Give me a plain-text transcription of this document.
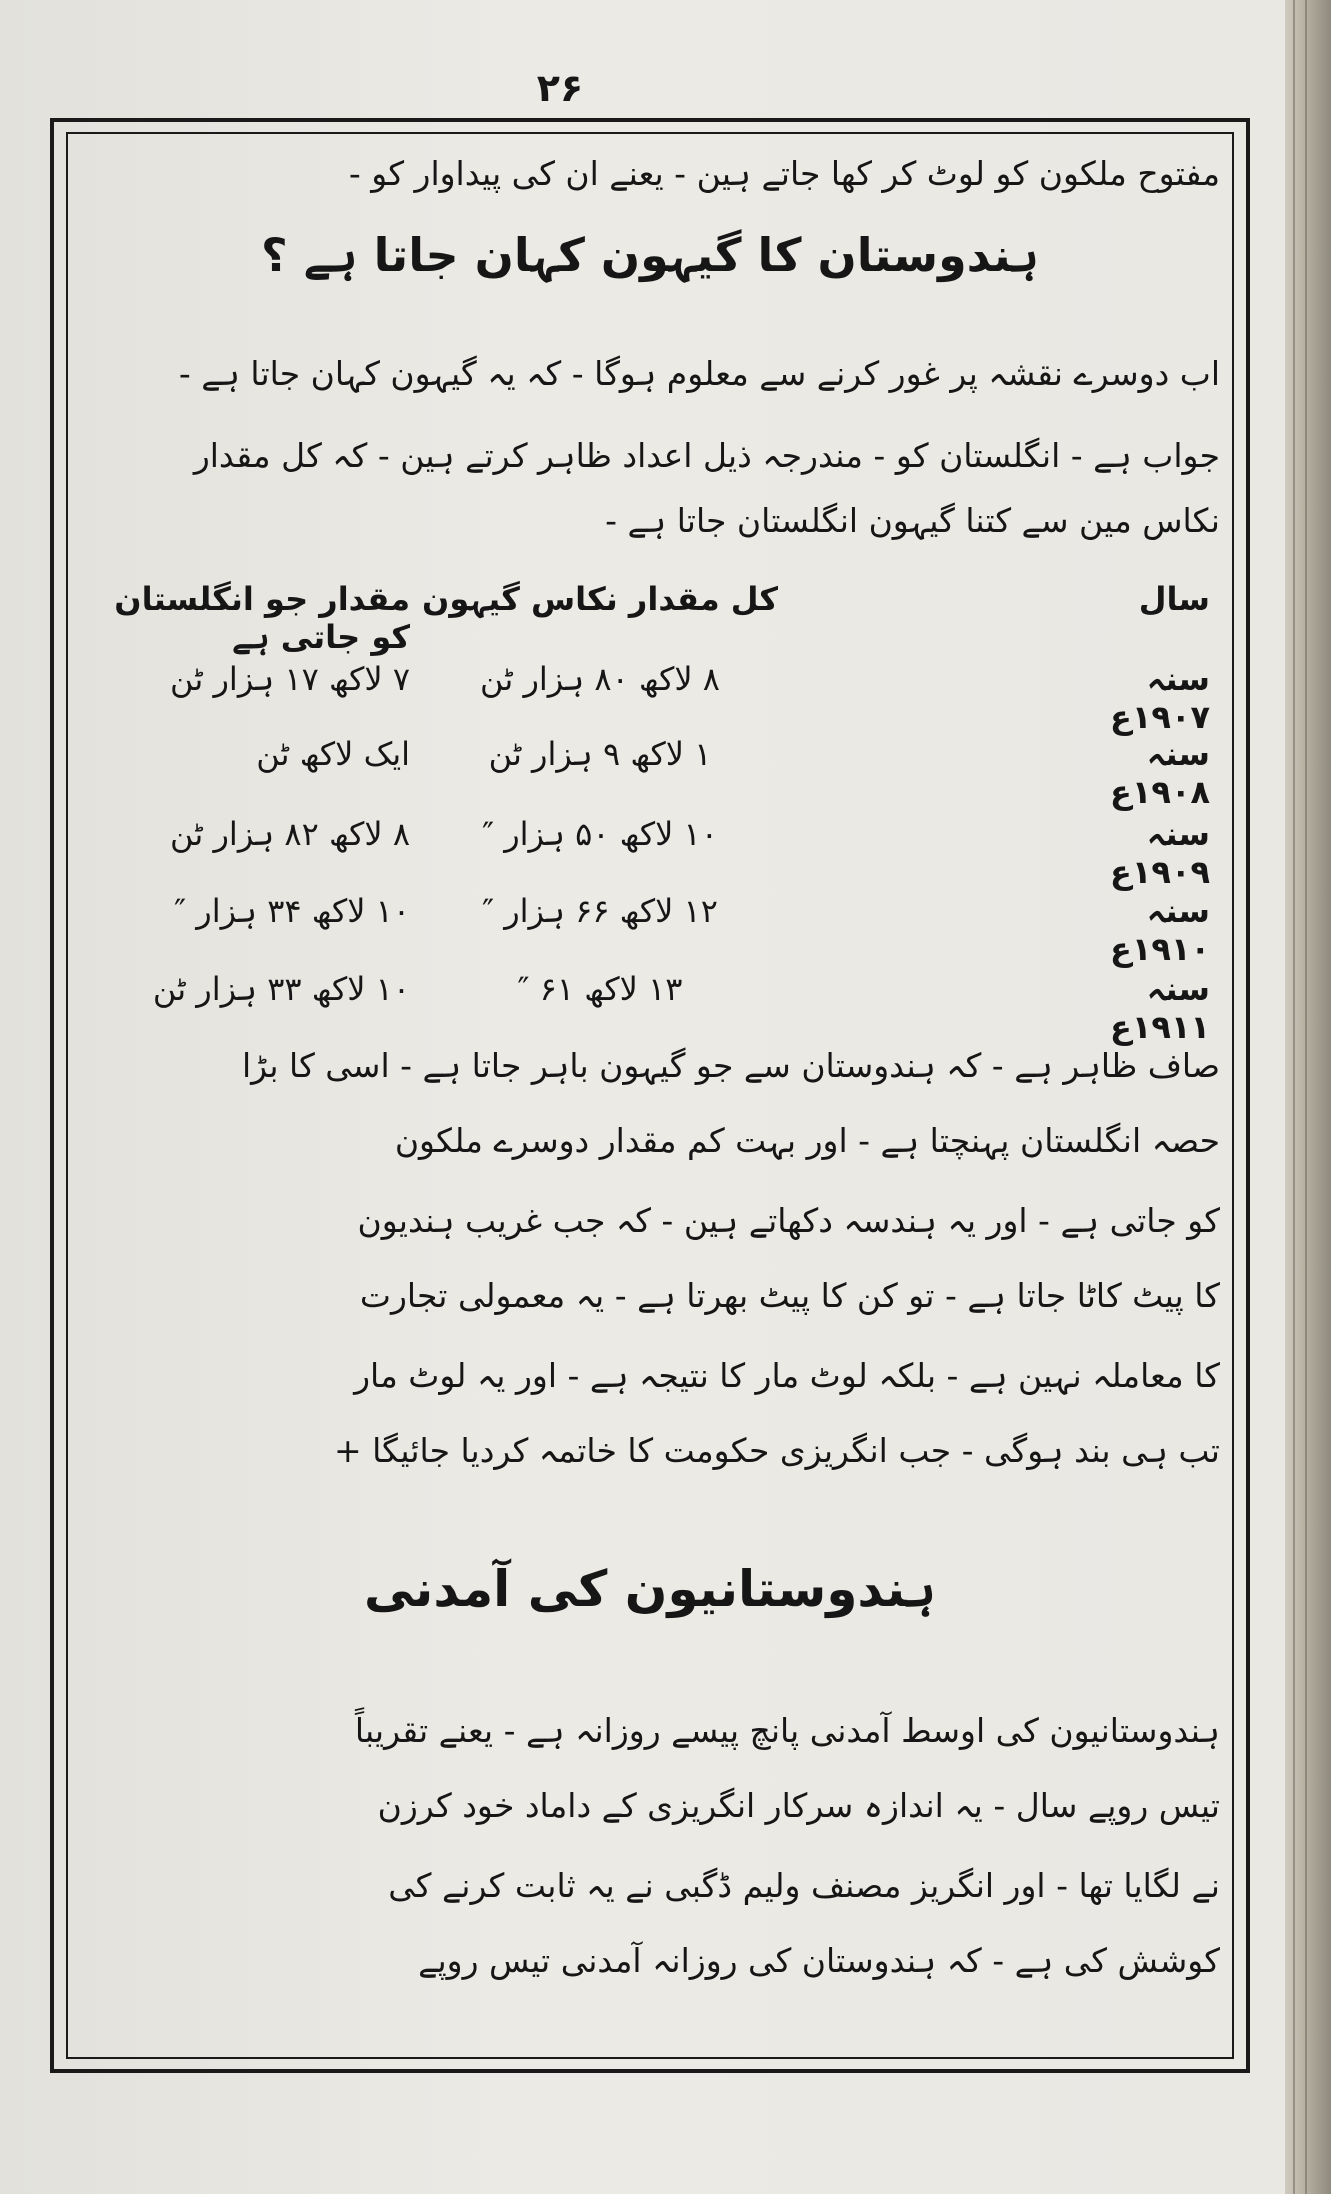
۲۶
مفتوح ملکون کو لوٹ کر کھا جاتے ہین - یعنے ان کی پیداوار کو -
ہندوستان کا گیہون کہان جاتا ہے ؟
اب دوسرے نقشہ پر غور کرنے سے معلوم ہوگا - کہ یہ گیہون کہان جاتا ہے -
جواب ہے - انگلستان کو - مندرجہ ذیل اعداد ظاہر کرتے ہین - کہ کل مقدار
نکاس مین سے کتنا گیہون انگلستان جاتا ہے -
سال
کل مقدار نکاس گیہون
مقدار جو انگلستان کو جاتی ہے
سنہ ۱۹۰۷ع
۸ لاکھ ۸۰ ہزار ٹن
۷ لاکھ ۱۷ ہزار ٹن
سنہ ۱۹۰۸ع
۱ لاکھ ۹ ہزار ٹن
ایک لاکھ ٹن
سنہ ۱۹۰۹ع
۱۰ لاکھ ۵۰ ہزار ″
۸ لاکھ ۸۲ ہزار ٹن
سنہ ۱۹۱۰ع
۱۲ لاکھ ۶۶ ہزار ″
۱۰ لاکھ ۳۴ ہزار ″
سنہ ۱۹۱۱ع
۱۳ لاکھ ۶۱ ″
۱۰ لاکھ ۳۳ ہزار ٹن
صاف ظاہر ہے - کہ ہندوستان سے جو گیہون باہر جاتا ہے - اسی کا بڑا
حصہ انگلستان پہنچتا ہے - اور بہت کم مقدار دوسرے ملکون
کو جاتی ہے - اور یہ ہندسہ دکھاتے ہین - کہ جب غریب ہندیون
کا پیٹ کاٹا جاتا ہے - تو کن کا پیٹ بھرتا ہے - یہ معمولی تجارت
کا معاملہ نہین ہے - بلکہ لوٹ مار کا نتیجہ ہے - اور یہ لوٹ مار
تب ہی بند ہوگی - جب انگریزی حکومت کا خاتمہ کردیا جائیگا +
ہندوستانیون کی آمدنی
ہندوستانیون کی اوسط آمدنی پانچ پیسے روزانہ ہے - یعنے تقریباً
تیس روپے سال - یہ اندازہ سرکار انگریزی کے داماد خود کرزن
نے لگایا تھا - اور انگریز مصنف ولیم ڈگبی نے یہ ثابت کرنے کی
کوشش کی ہے - کہ ہندوستان کی روزانہ آمدنی تیس روپے
